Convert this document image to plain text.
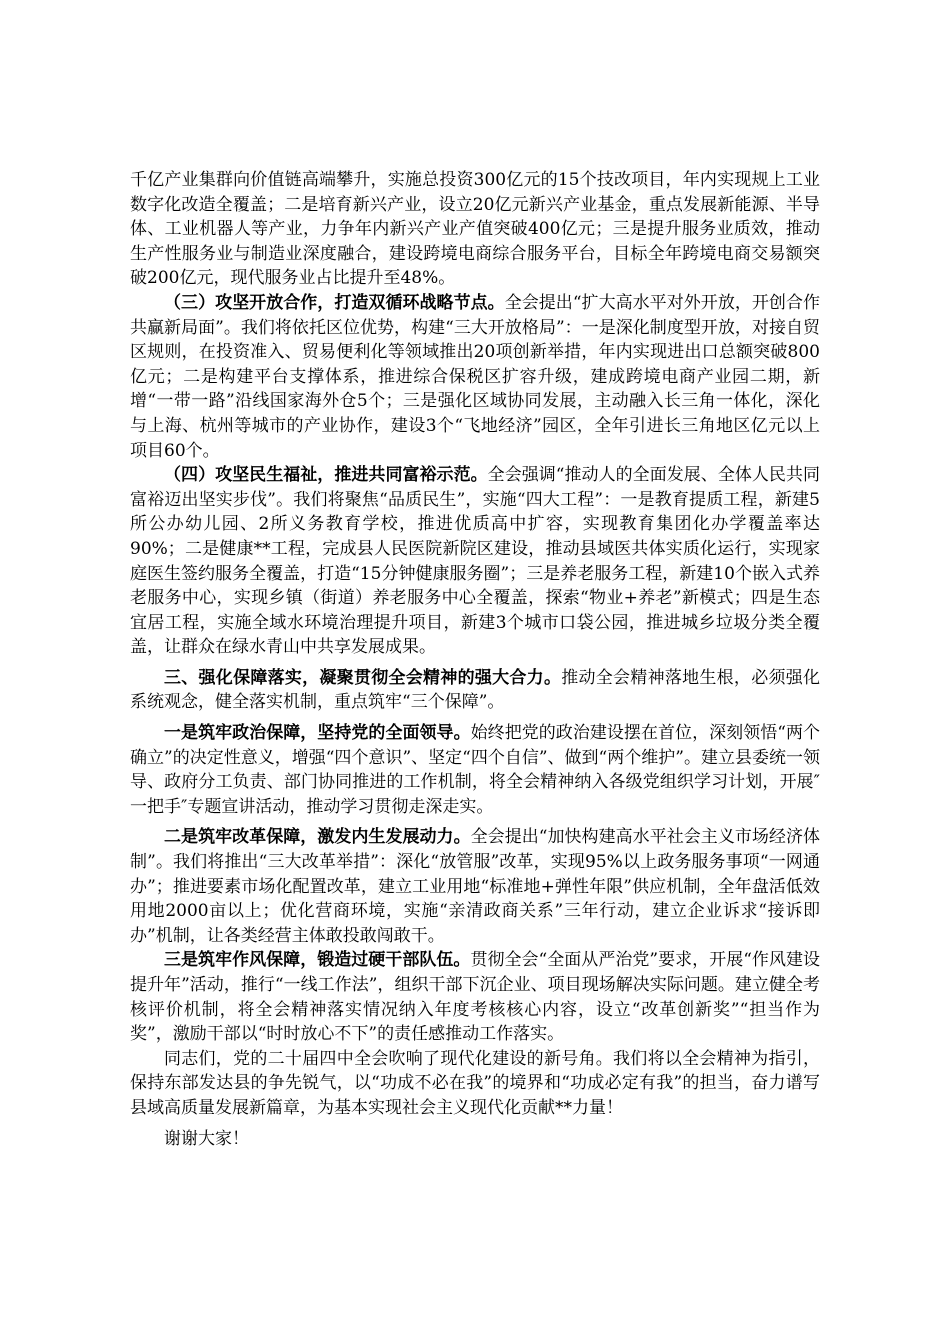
千亿产业集群向价值链高端攀升，实施总投资300亿元的15个技改项目，年内实现规上工业数字化改造全覆盖；二是培育新兴产业，设立20亿元新兴产业基金，重点发展新能源、半导体、工业机器人等产业，力争年内新兴产业产值突破400亿元；三是提升服务业质效，推动生产性服务业与制造业深度融合，建设跨境电商综合服务平台，目标全年跨境电商交易额突破200亿元，现代服务业占比提升至48%。

（三）攻坚开放合作，打造双循环战略节点。全会提出“扩大高水平对外开放，开创合作共赢新局面”。我们将依托区位优势，构建“三大开放格局”：一是深化制度型开放，对接自贸区规则，在投资准入、贸易便利化等领域推出20项创新举措，年内实现进出口总额突破800亿元；二是构建平台支撑体系，推进综合保税区扩容升级，建成跨境电商产业园二期，新增“一带一路”沿线国家海外仓5个；三是强化区域协同发展，主动融入长三角一体化，深化与上海、杭州等城市的产业协作，建设3个“飞地经济”园区，全年引进长三角地区亿元以上项目60个。

（四）攻坚民生福祉，推进共同富裕示范。全会强调“推动人的全面发展、全体人民共同富裕迈出坚实步伐”。我们将聚焦“品质民生”，实施“四大工程”：一是教育提质工程，新建5所公办幼儿园、2所义务教育学校，推进优质高中扩容，实现教育集团化办学覆盖率达90%；二是健康**工程，完成县人民医院新院区建设，推动县域医共体实质化运行，实现家庭医生签约服务全覆盖，打造“15分钟健康服务圈”；三是养老服务工程，新建10个嵌入式养老服务中心，实现乡镇（街道）养老服务中心全覆盖，探索“物业+养老”新模式；四是生态宜居工程，实施全域水环境治理提升项目，新建3个城市口袋公园，推进城乡垃圾分类全覆盖，让群众在绿水青山中共享发展成果。

三、强化保障落实，凝聚贯彻全会精神的强大合力。推动全会精神落地生根，必须强化系统观念，健全落实机制，重点筑牢“三个保障”。

一是筑牢政治保障，坚持党的全面领导。始终把党的政治建设摆在首位，深刻领悟“两个确立”的决定性意义，增强“四个意识”、坚定“四个自信”、做到“两个维护”。建立县委统一领导、政府分工负责、部门协同推进的工作机制，将全会精神纳入各级党组织学习计划，开展″一把手″专题宣讲活动，推动学习贯彻走深走实。

二是筑牢改革保障，激发内生发展动力。全会提出“加快构建高水平社会主义市场经济体制”。我们将推出“三大改革举措”：深化“放管服”改革，实现95%以上政务服务事项“一网通办”；推进要素市场化配置改革，建立工业用地“标准地+弹性年限”供应机制，全年盘活低效用地2000亩以上；优化营商环境，实施“亲清政商关系”三年行动，建立企业诉求“接诉即办”机制，让各类经营主体敢投敢闯敢干。

三是筑牢作风保障，锻造过硬干部队伍。贯彻全会“全面从严治党”要求，开展“作风建设提升年”活动，推行“一线工作法”，组织干部下沉企业、项目现场解决实际问题。建立健全考核评价机制，将全会精神落实情况纳入年度考核核心内容，设立“改革创新奖”“担当作为奖”，激励干部以“时时放心不下”的责任感推动工作落实。

同志们，党的二十届四中全会吹响了现代化建设的新号角。我们将以全会精神为指引，保持东部发达县的争先锐气，以“功成不必在我”的境界和“功成必定有我”的担当，奋力谱写县域高质量发展新篇章，为基本实现社会主义现代化贡献**力量！

谢谢大家！
